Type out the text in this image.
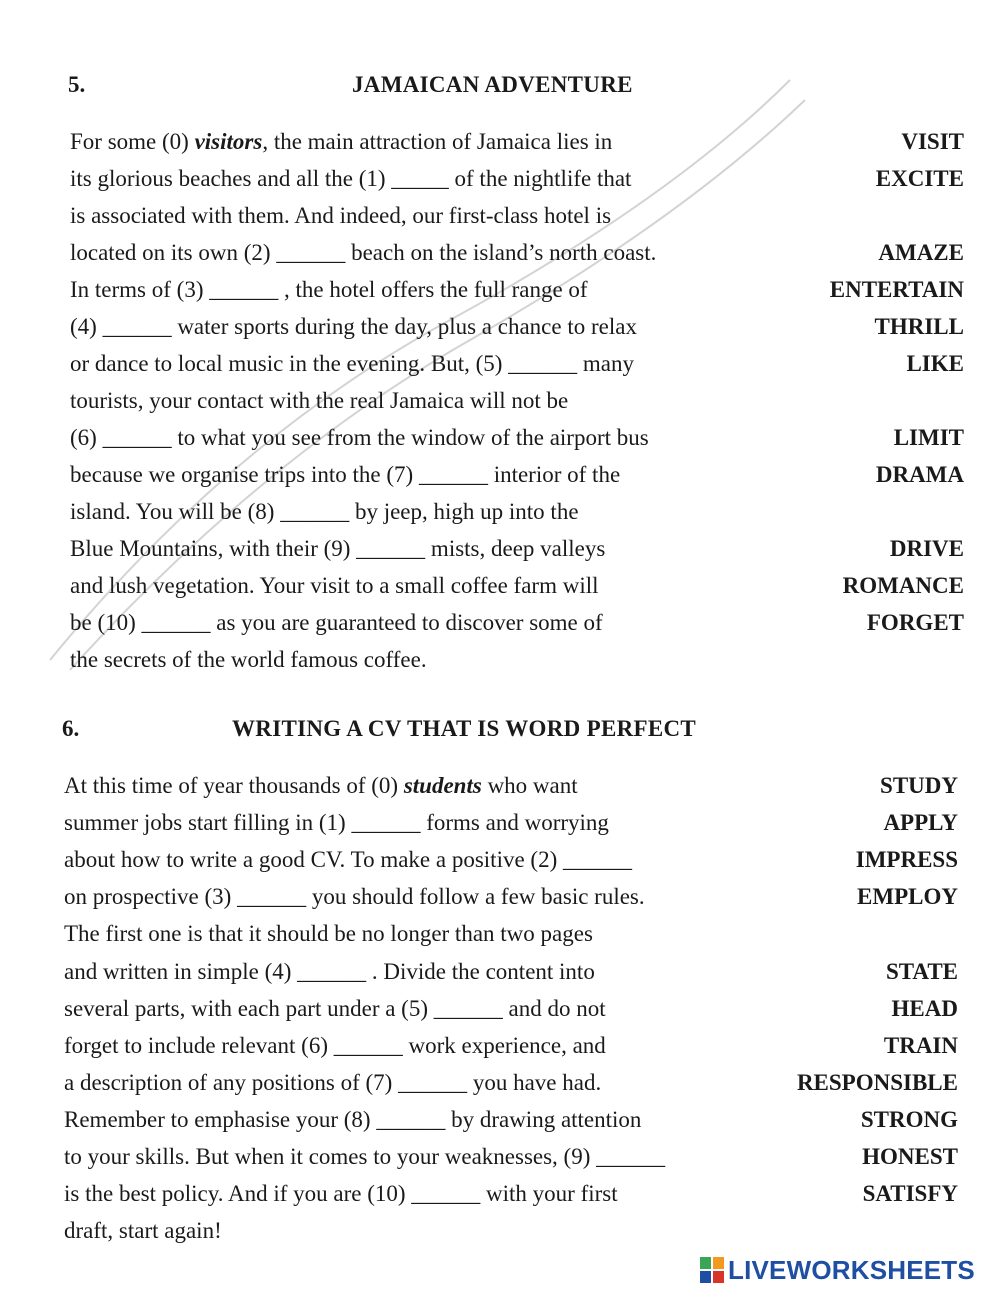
5.	JAMAICAN ADVENTURE
For some (0) visitors, the main attraction of Jamaica lies in	VISIT
its glorious beaches and all the (1) _____ of the nightlife that	EXCITE
is associated with them. And indeed, our first-class hotel is
located on its own (2) ______ beach on the island’s north coast.	AMAZE
In terms of (3) ______ , the hotel offers the full range of	ENTERTAIN
(4) ______ water sports during the day, plus a chance to relax	THRILL
or dance to local music in the evening. But, (5) ______ many	LIKE
tourists, your contact with the real Jamaica will not be
(6) ______ to what you see from the window of the airport bus	LIMIT
because we organise trips into the (7) ______ interior of the	DRAMA
island. You will be (8) ______ by jeep, high up into the
Blue Mountains, with their (9) ______ mists, deep valleys	DRIVE
and lush vegetation. Your visit to a small coffee farm will	ROMANCE
be (10) ______ as you are guaranteed to discover some of	FORGET
the secrets of the world famous coffee.
6.	WRITING A CV THAT IS WORD PERFECT
At this time of year thousands of (0) students who want	STUDY
summer jobs start filling in (1) ______ forms and worrying	APPLY
about how to write a good CV. To make a positive (2) ______	IMPRESS
on prospective (3) ______ you should follow a few basic rules.	EMPLOY
The first one is that it should be no longer than two pages
and written in simple (4) ______ . Divide the content into	STATE
several parts, with each part under a (5) ______ and do not	HEAD
forget to include relevant (6) ______ work experience, and	TRAIN
a description of any positions of (7) ______ you have had.	RESPONSIBLE
Remember to emphasise your (8) ______ by drawing attention	STRONG
to your skills. But when it comes to your weaknesses, (9) ______	HONEST
is the best policy. And if you are (10) ______ with your first	SATISFY
draft, start again!
LIVEWORKSHEETS
